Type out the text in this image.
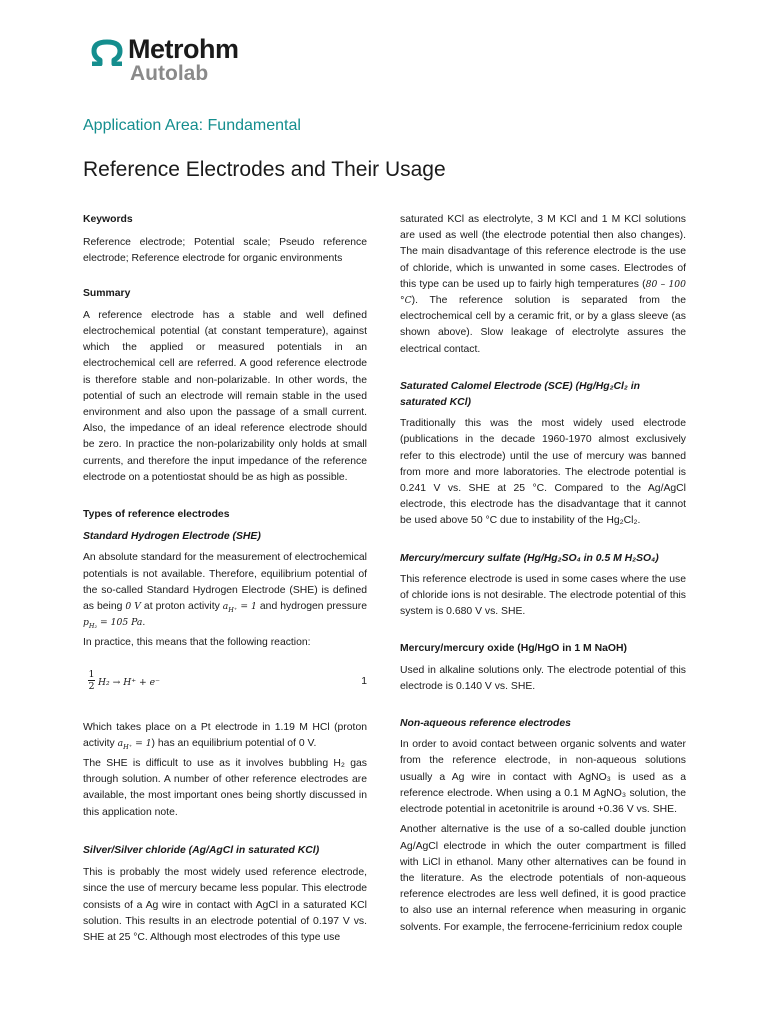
Metrohm
Autolab
Application Area: Fundamental
Reference Electrodes and Their Usage
Keywords

Reference electrode; Potential scale; Pseudo reference electrode; Reference electrode for organic environments

Summary

A reference electrode has a stable and well defined electrochemical potential (at constant temperature), against which the applied or measured potentials in an electrochemical cell are referred. A good reference electrode is therefore stable and non-polarizable. In other words, the potential of such an electrode will remain stable in the used environment and also upon the passage of a small current. Also, the impedance of an ideal reference electrode should be zero. In practice the non-polarizability only holds at small currents, and therefore the input impedance of the reference electrode on a potentiostat should be as high as possible.

Types of reference electrodes
Standard Hydrogen Electrode (SHE)

An absolute standard for the measurement of electrochemical potentials is not available. Therefore, equilibrium potential of the so-called Standard Hydrogen Electrode (SHE) is defined as being 0 V at proton activity $a_{H^+} = 1$ and hydrogen pressure $p_{H_2} = 105$ Pa.

In practice, this means that the following reaction:

1
2 H₂ → H⁺ + e⁻	1

Which takes place on a Pt electrode in 1.19 M HCl (proton activity $a_{H^+} = 1$) has an equilibrium potential of 0 V.

The SHE is difficult to use as it involves bubbling H₂ gas through solution. A number of other reference electrodes are available, the most important ones being shortly discussed in this application note.

Silver/Silver chloride (Ag/AgCl in saturated KCl)

This is probably the most widely used reference electrode, since the use of mercury became less popular. This electrode consists of a Ag wire in contact with AgCl in a saturated KCl solution. This results in an electrode potential of 0.197 V vs. SHE at 25 °C. Although most electrodes of this type use

saturated KCl as electrolyte, 3 M KCl and 1 M KCl solutions are used as well (the electrode potential then also changes). The main disadvantage of this reference electrode is the use of chloride, which is unwanted in some cases. Electrodes of this type can be used up to fairly high temperatures (80 – 100 °C). The reference solution is separated from the electrochemical cell by a ceramic frit, or by a glass sleeve (as shown above). Slow leakage of electrolyte assures the electrical contact.

Saturated Calomel Electrode (SCE) (Hg/Hg₂Cl₂ in saturated KCl)

Traditionally this was the most widely used electrode (publications in the decade 1960-1970 almost exclusively refer to this electrode) until the use of mercury was banned from more and more laboratories. The electrode potential is 0.241 V vs. SHE at 25 °C. Compared to the Ag/AgCl electrode, this electrode has the disadvantage that it cannot be used above 50 °C due to instability of the Hg₂Cl₂.

Mercury/mercury sulfate (Hg/Hg₂SO₄ in 0.5 M H₂SO₄)

This reference electrode is used in some cases where the use of chloride ions is not desirable. The electrode potential of this system is 0.680 V vs. SHE.

Mercury/mercury oxide (Hg/HgO in 1 M NaOH)

Used in alkaline solutions only. The electrode potential of this electrode is 0.140 V vs. SHE.

Non-aqueous reference electrodes

In order to avoid contact between organic solvents and water from the reference electrode, in non-aqueous solutions usually a Ag wire in contact with AgNO₃ is used as a reference electrode. When using a 0.1 M AgNO₃ solution, the electrode potential in acetonitrile is around +0.36 V vs. SHE.

Another alternative is the use of a so-called double junction Ag/AgCl electrode in which the outer compartment is filled with LiCl in ethanol. Many other alternatives can be found in the literature. As the electrode potentials of non-aqueous reference electrodes are less well defined, it is good practice to also use an internal reference when measuring in organic solvents. For example, the ferrocene-ferricinium redox couple
